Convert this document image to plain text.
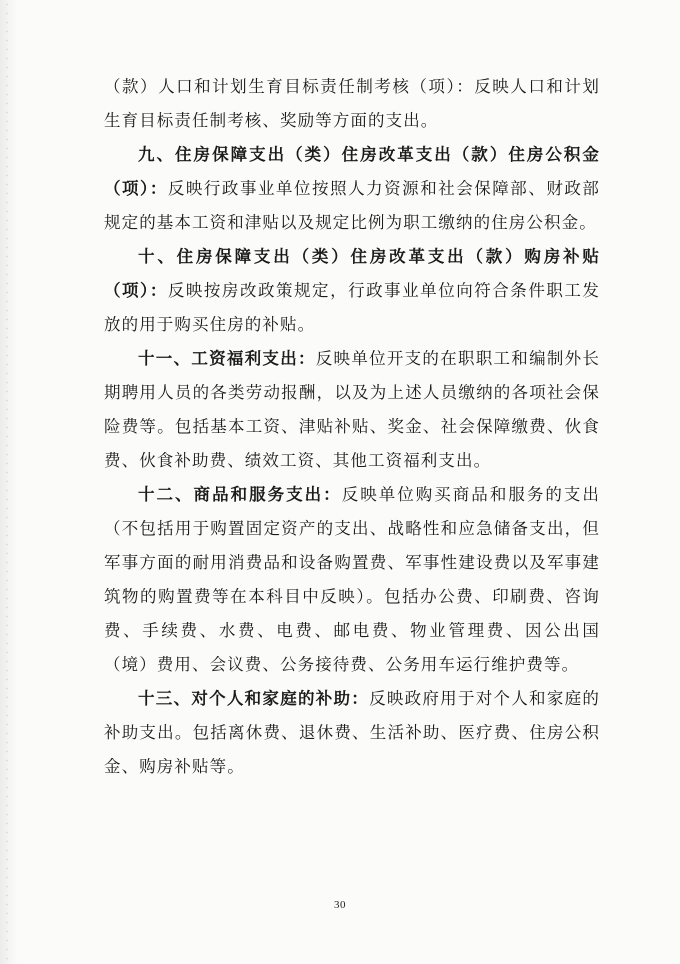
（款）人口和计划生育目标责任制考核（项）：反映人口和计划生育目标责任制考核、奖励等方面的支出。

九、住房保障支出（类）住房改革支出（款）住房公积金（项）：反映行政事业单位按照人力资源和社会保障部、财政部规定的基本工资和津贴以及规定比例为职工缴纳的住房公积金。

十、住房保障支出（类）住房改革支出（款）购房补贴（项）：反映按房改政策规定，行政事业单位向符合条件职工发放的用于购买住房的补贴。

十一、工资福利支出：反映单位开支的在职职工和编制外长期聘用人员的各类劳动报酬，以及为上述人员缴纳的各项社会保险费等。包括基本工资、津贴补贴、奖金、社会保障缴费、伙食费、伙食补助费、绩效工资、其他工资福利支出。

十二、商品和服务支出：反映单位购买商品和服务的支出（不包括用于购置固定资产的支出、战略性和应急储备支出，但军事方面的耐用消费品和设备购置费、军事性建设费以及军事建筑物的购置费等在本科目中反映）。包括办公费、印刷费、咨询费、手续费、水费、电费、邮电费、物业管理费、因公出国（境）费用、会议费、公务接待费、公务用车运行维护费等。

十三、对个人和家庭的补助：反映政府用于对个人和家庭的补助支出。包括离休费、退休费、生活补助、医疗费、住房公积金、购房补贴等。

30
